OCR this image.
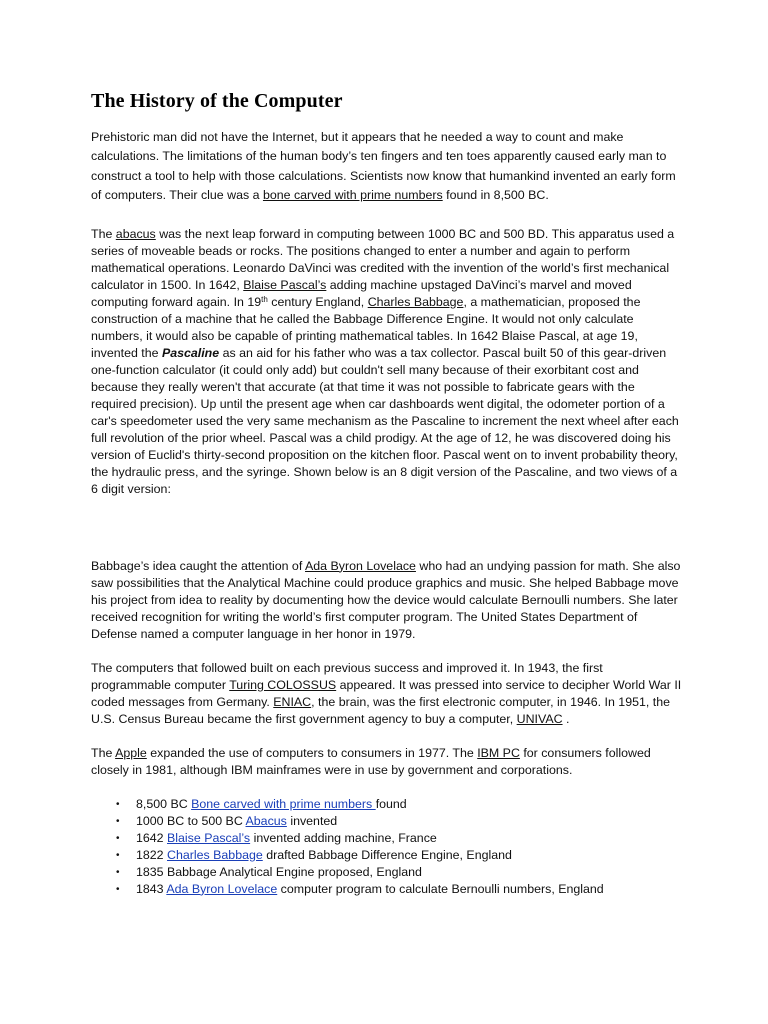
The History of the Computer

Prehistoric man did not have the Internet, but it appears that he needed a way to count and make calculations. The limitations of the human body’s ten fingers and ten toes apparently caused early man to construct a tool to help with those calculations. Scientists now know that humankind invented an early form of computers. Their clue was a bone carved with prime numbers found in 8,500 BC.

The abacus was the next leap forward in computing between 1000 BC and 500 BD. This apparatus used a series of moveable beads or rocks. The positions changed to enter a number and again to perform mathematical operations. Leonardo DaVinci was credited with the invention of the world’s first mechanical calculator in 1500. In 1642, Blaise Pascal’s adding machine upstaged DaVinci’s marvel and moved computing forward again. In 19th century England, Charles Babbage, a mathematician, proposed the construction of a machine that he called the Babbage Difference Engine. It would not only calculate numbers, it would also be capable of printing mathematical tables. In 1642 Blaise Pascal, at age 19, invented the Pascaline as an aid for his father who was a tax collector. Pascal built 50 of this gear-driven one-function calculator (it could only add) but couldn't sell many because of their exorbitant cost and because they really weren't that accurate (at that time it was not possible to fabricate gears with the required precision). Up until the present age when car dashboards went digital, the odometer portion of a car's speedometer used the very same mechanism as the Pascaline to increment the next wheel after each full revolution of the prior wheel. Pascal was a child prodigy. At the age of 12, he was discovered doing his version of Euclid's thirty-second proposition on the kitchen floor. Pascal went on to invent probability theory, the hydraulic press, and the syringe. Shown below is an 8 digit version of the Pascaline, and two views of a 6 digit version:

Babbage’s idea caught the attention of Ada Byron Lovelace who had an undying passion for math. She also saw possibilities that the Analytical Machine could produce graphics and music. She helped Babbage move his project from idea to reality by documenting how the device would calculate Bernoulli numbers. She later received recognition for writing the world’s first computer program. The United States Department of Defense named a computer language in her honor in 1979.

The computers that followed built on each previous success and improved it. In 1943, the first programmable computer Turing COLOSSUS appeared. It was pressed into service to decipher World War II coded messages from Germany. ENIAC, the brain, was the first electronic computer, in 1946. In 1951, the U.S. Census Bureau became the first government agency to buy a computer, UNIVAC .

The Apple expanded the use of computers to consumers in 1977. The IBM PC for consumers followed closely in 1981, although IBM mainframes were in use by government and corporations.

• 8,500 BC Bone carved with prime numbers found
• 1000 BC to 500 BC Abacus invented
• 1642 Blaise Pascal’s invented adding machine, France
• 1822 Charles Babbage drafted Babbage Difference Engine, England
• 1835 Babbage Analytical Engine proposed, England
• 1843 Ada Byron Lovelace computer program to calculate Bernoulli numbers, England
